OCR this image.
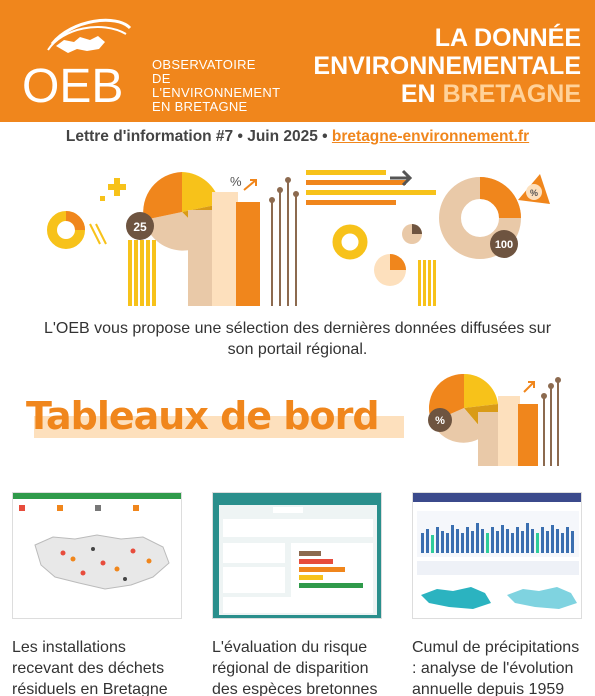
OEB OBSERVATOIRE
DE L'ENVIRONNEMENT
EN BRETAGNE
LA DONNÉE
ENVIRONNEMENTALE
EN BRETAGNE
Lettre d'information #7 • Juin 2025 • bretagne-environnement.fr
25
%
100
%
L'OEB vous propose une sélection des dernières données diffusées sur son portail régional.
Tableaux de bord	%
Les installations recevant des déchets résiduels en Bretagne
L'évaluation du risque régional de disparition des espèces bretonnes
Cumul de précipitations : analyse de l'évolution annuelle depuis 1959
